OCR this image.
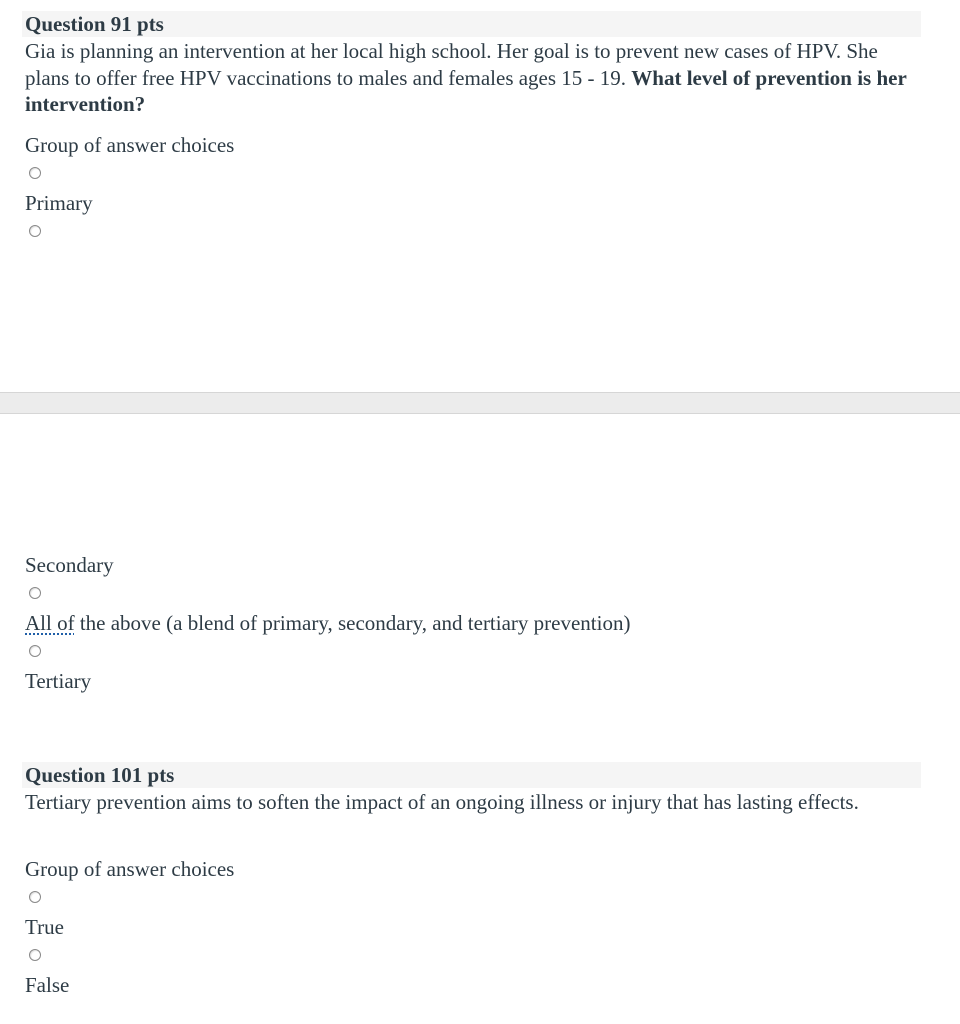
Question 91 pts
Gia is planning an intervention at her local high school. Her goal is to prevent new cases of HPV. She plans to offer free HPV vaccinations to males and females ages 15 - 19. What level of prevention is her intervention?
Group of answer choices
Primary
Secondary
All of the above (a blend of primary, secondary, and tertiary prevention)
Tertiary
Question 101 pts
Tertiary prevention aims to soften the impact of an ongoing illness or injury that has lasting effects.
Group of answer choices
True
False
